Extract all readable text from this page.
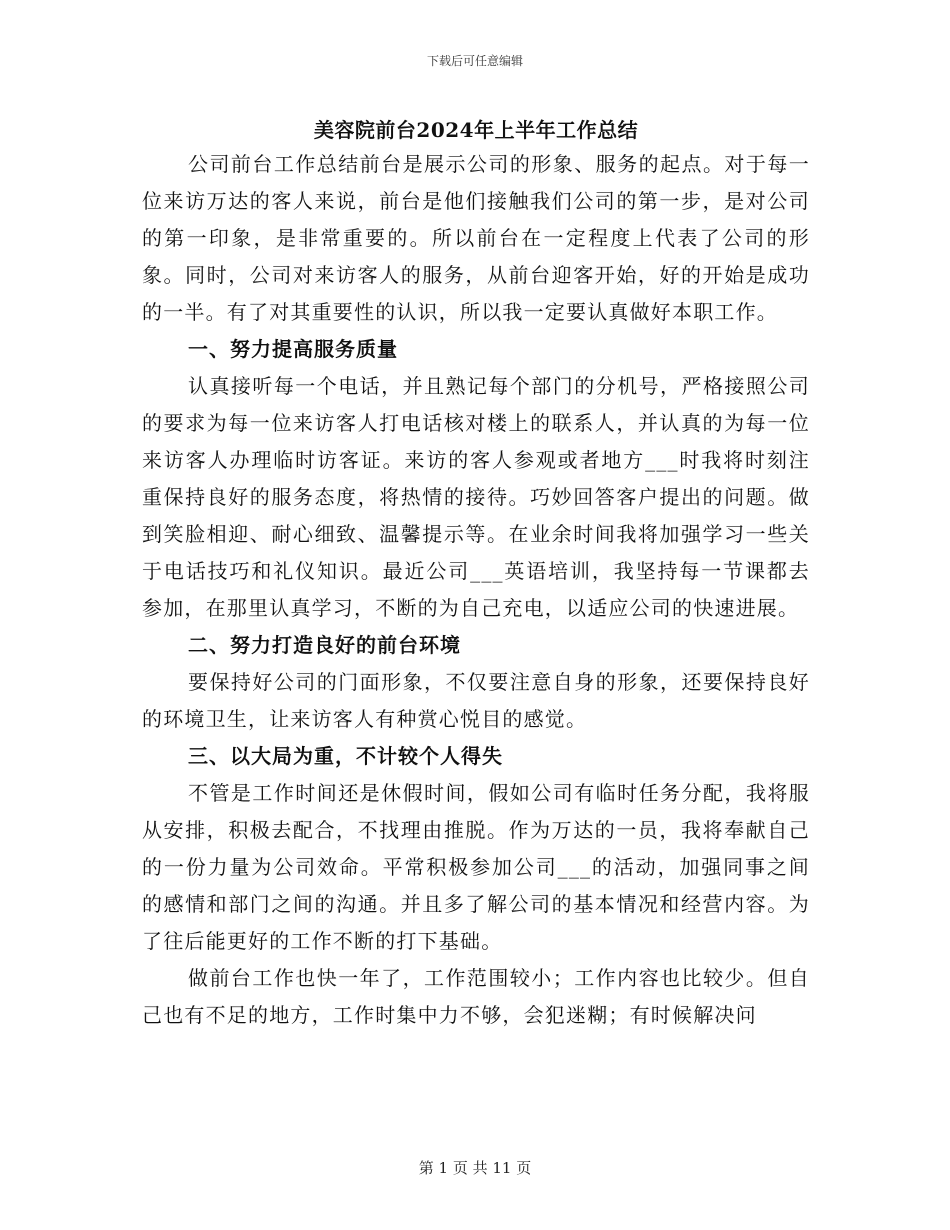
下载后可任意编辑
美容院前台2024年上半年工作总结

公司前台工作总结前台是展示公司的形象、服务的起点。对于每一位来访万达的客人来说，前台是他们接触我们公司的第一步，是对公司的第一印象，是非常重要的。所以前台在一定程度上代表了公司的形象。同时，公司对来访客人的服务，从前台迎客开始，好的开始是成功的一半。有了对其重要性的认识，所以我一定要认真做好本职工作。

一、努力提高服务质量

认真接听每一个电话，并且熟记每个部门的分机号，严格接照公司的要求为每一位来访客人打电话核对楼上的联系人，并认真的为每一位来访客人办理临时访客证。来访的客人参观或者地方___时我将时刻注重保持良好的服务态度，将热情的接待。巧妙回答客户提出的问题。做到笑脸相迎、耐心细致、温馨提示等。在业余时间我将加强学习一些关于电话技巧和礼仪知识。最近公司___英语培训，我坚持每一节课都去参加，在那里认真学习，不断的为自己充电，以适应公司的快速进展。

二、努力打造良好的前台环境

要保持好公司的门面形象，不仅要注意自身的形象，还要保持良好的环境卫生，让来访客人有种赏心悦目的感觉。

三、以大局为重，不计较个人得失

不管是工作时间还是休假时间，假如公司有临时任务分配，我将服从安排，积极去配合，不找理由推脱。作为万达的一员，我将奉献自己的一份力量为公司效命。平常积极参加公司___的活动，加强同事之间的感情和部门之间的沟通。并且多了解公司的基本情况和经营内容。为了往后能更好的工作不断的打下基础。

做前台工作也快一年了，工作范围较小；工作内容也比较少。但自己也有不足的地方，工作时集中力不够，会犯迷糊；有时候解决问

第 1 页 共 11 页
